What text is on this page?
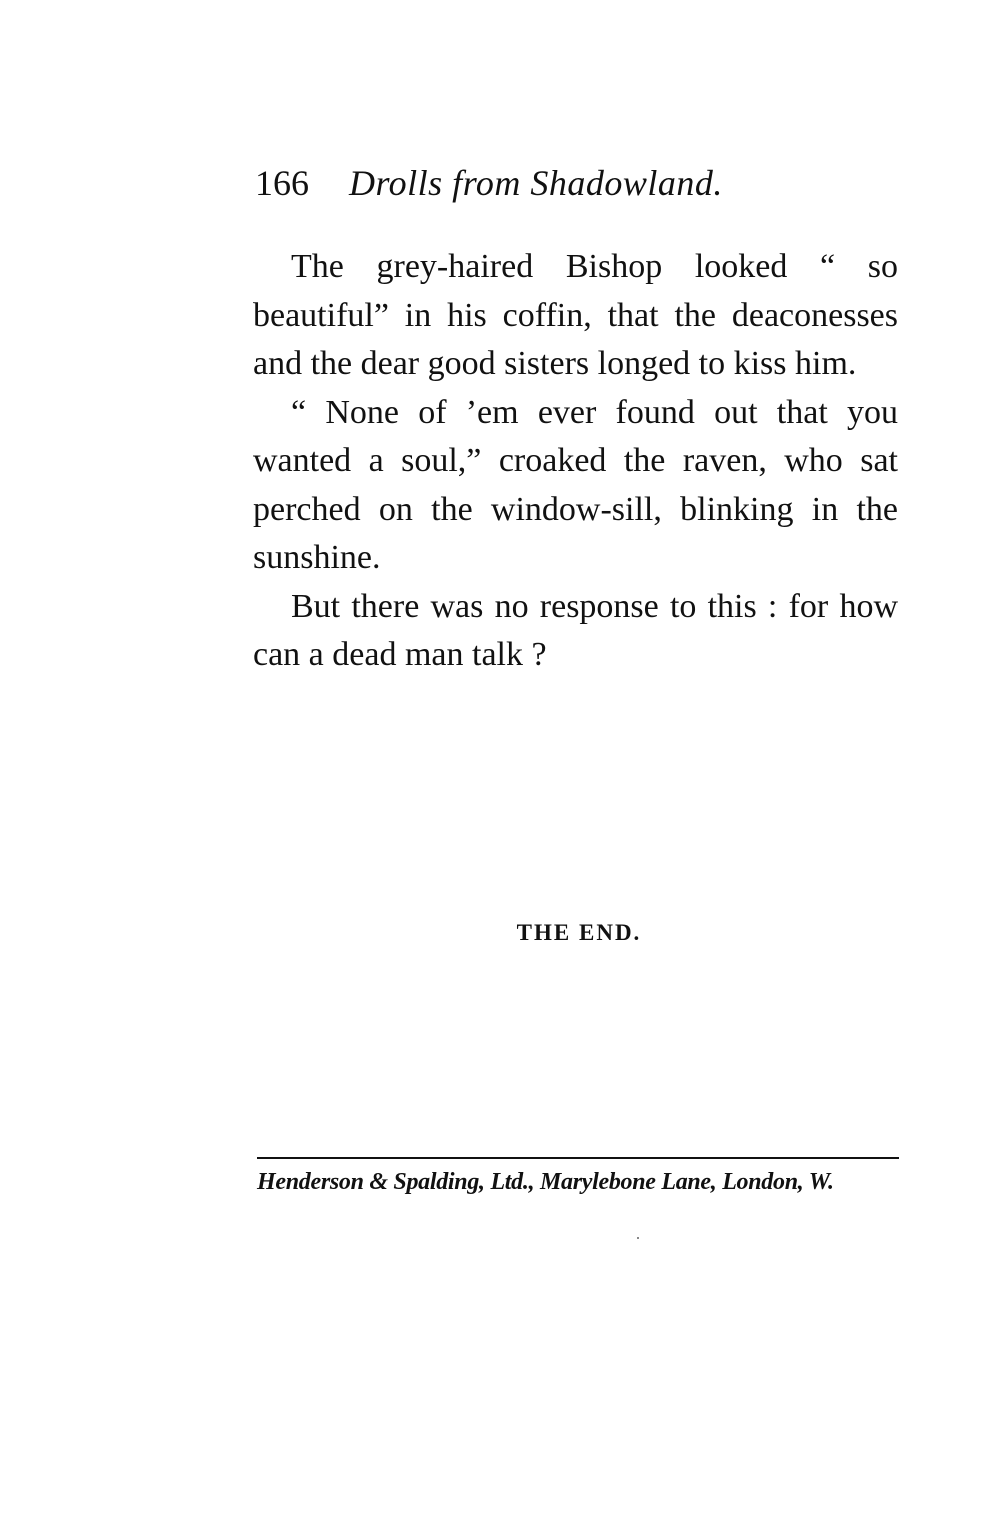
166 Drolls from Shadowland.

The grey-haired Bishop looked “ so beautiful” in his coffin, that the deaconesses and the dear good sisters longed to kiss him.

“ None of ’em ever found out that you wanted a soul,” croaked the raven, who sat perched on the window-sill, blinking in the sunshine.

But there was no response to this : for how can a dead man talk ?

THE END.
Henderson & Spalding, Ltd., Marylebone Lane, London, W.
